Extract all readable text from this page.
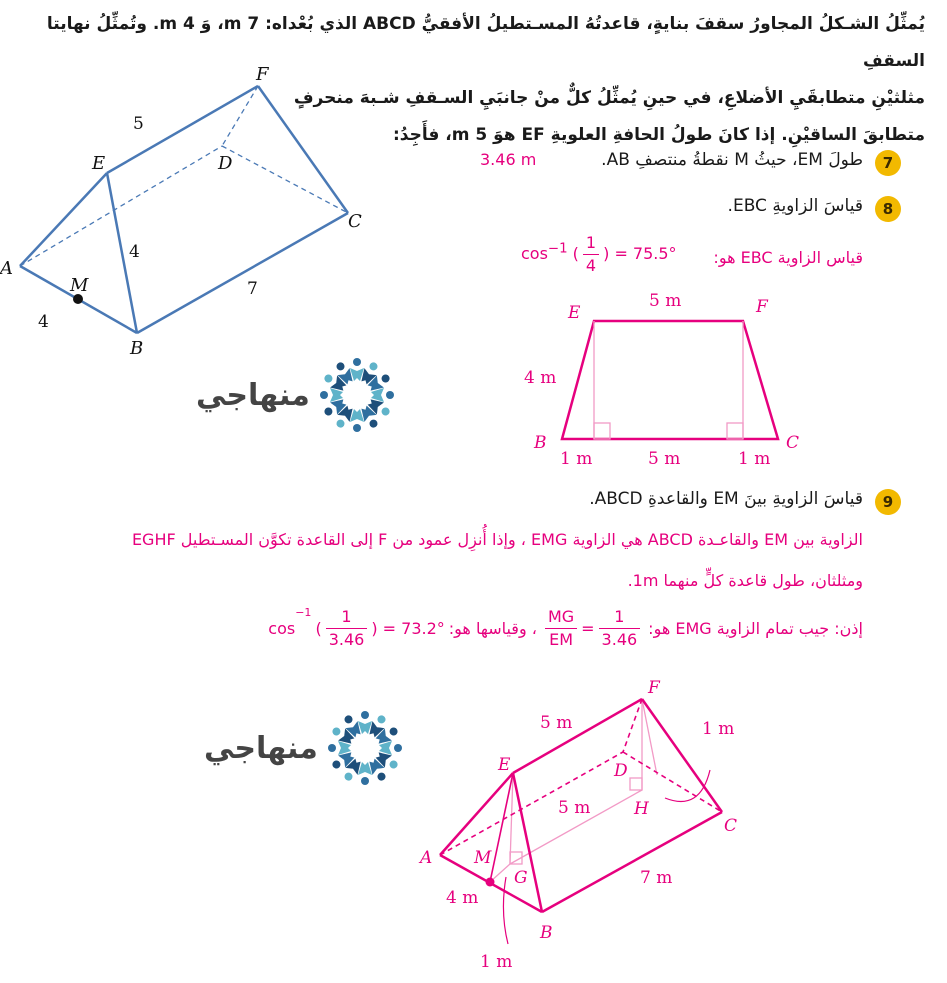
يُمثِّلُ الشـكلُ المجاورُ سقفَ بنايةٍ، قاعدتُهُ المسـتطيلُ الأفقيُّ ABCD الذي بُعْداه: 7 m، وَ 4 m. وتُمثِّلُ نهايتا السقفِ
مثلثيْنِ متطابقَيِ الأضلاعِ، في حينِ يُمثِّلُ كلٌّ منْ جانبَيِ السـقفِ شـبهَ منحرفٍ
متطابقَ الساقيْنِ. إذا كانَ طولُ الحافةِ العلويةِ EF هوَ 5 m، فأَجِدُ:
7
طولَ EM، حيثُ M نقطةُ منتصفِ AB.
3.46 m
8
قياسَ الزاويةِ EBC.
قياس الزاوية EBC هو:
$\cos^{-1}$ ( $\frac{1}{4}$ ) = 75.5°
9
قياسَ الزاويةِ بينَ EM والقاعدةِ ABCD.
الزاوية بين EM والقاعـدة ABCD هي الزاوية EMG ، وإذا أُنزِل عمود من F إلى القاعدة تكوَّن المسـتطيل EGHF
ومثلثان، طول قاعدة كلٍّ منهما 1m.
إذن: جيب تمام الزاوية EMG هو:
$\frac{MG}{EM} = \frac{1}{3.46}$
، وقياسها هو:
cos
−1
( $\frac{1}{3.46}$ ) = 73.2°
F
E	D
C
A
M
B
5
4
7
4	E	F
B	C
5 m
4 m
1 m	5 m	1 m
F
E	D
H
C
A M
G
B
5 m
5 m
1 m
7 m
4 m
1 m
منهاجي
منهاجي
